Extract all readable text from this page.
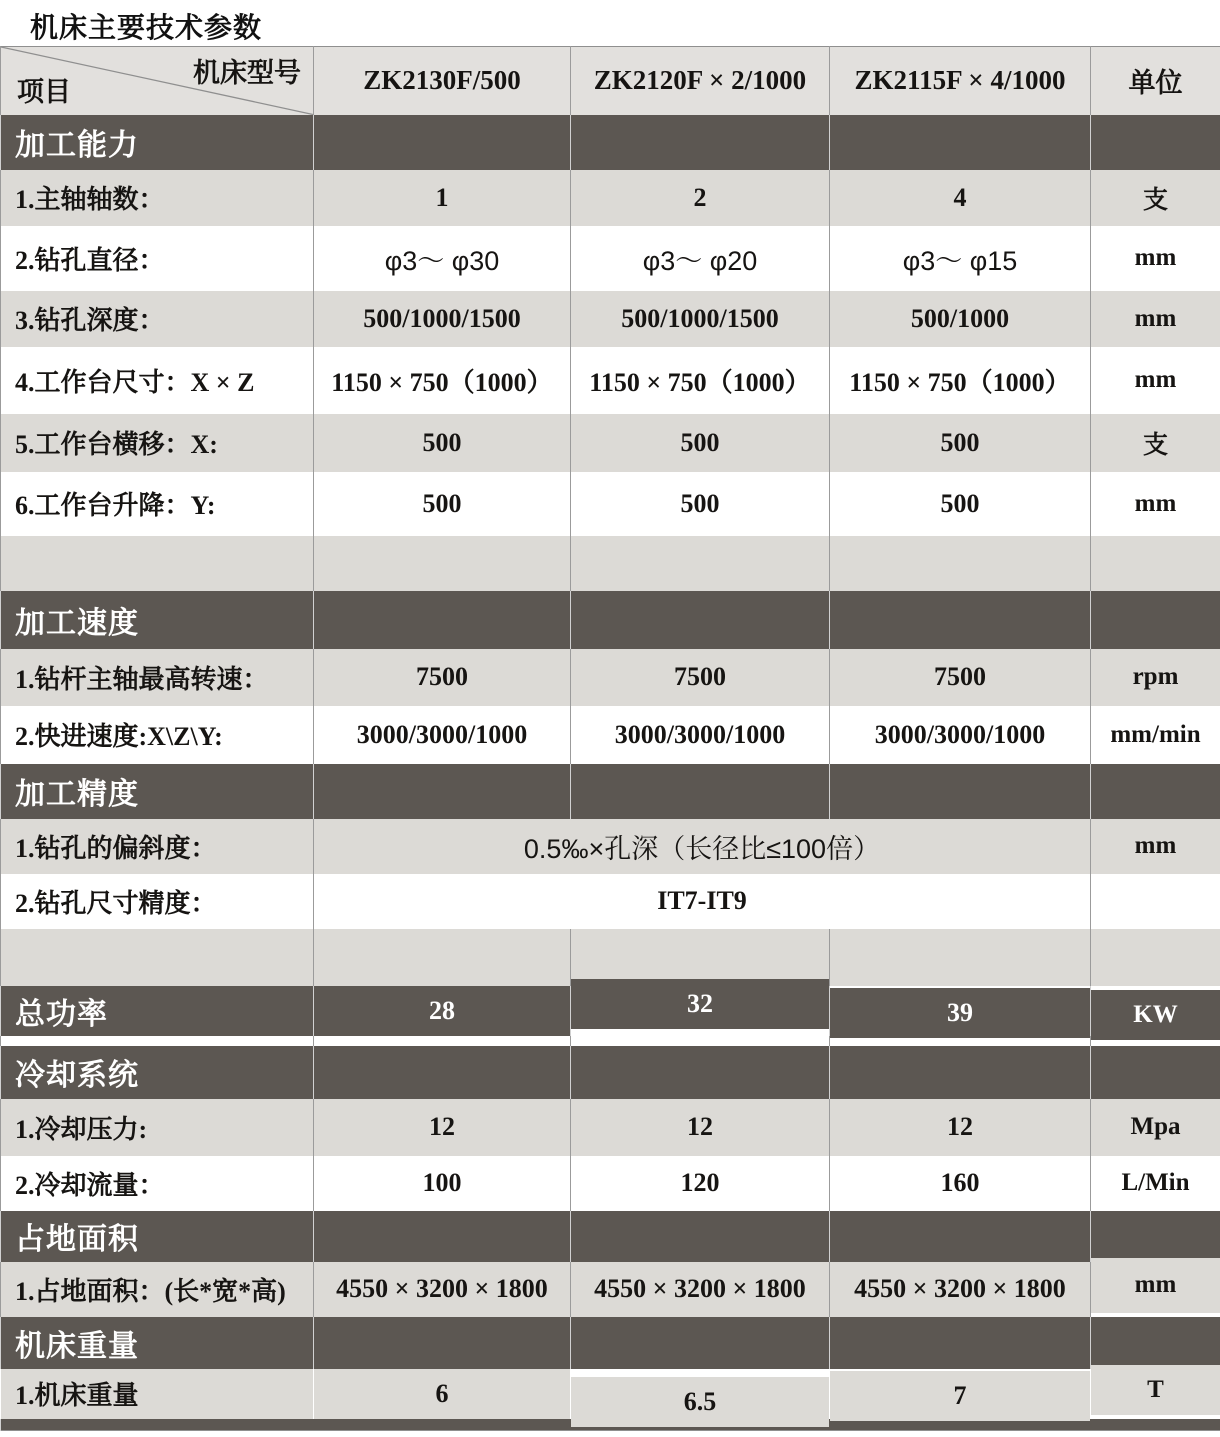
机床主要技术参数
机床型号
项目	ZK2130F/500	ZK2120F × 2/1000	ZK2115F × 4/1000	单位
加工能力				
1.主轴轴数：	1	2	4	支
2.钻孔直径：	φ3～ φ30	φ3～ φ20	φ3～ φ15	mm
3.钻孔深度：	500/1000/1500	500/1000/1500	500/1000	mm
4.工作台尺寸：X × Z	1150 × 750（1000）	1150 × 750（1000）	1150 × 750（1000）	mm
5.工作台横移：X:	500	500	500	支
6.工作台升降：Y:	500	500	500	mm

加工速度				
1.钻杆主轴最高转速：	7500	7500	7500	rpm
2.快进速度:X\Z\Y:	3000/3000/1000	3000/3000/1000	3000/3000/1000	mm/min
加工精度				
1.钻孔的偏斜度：	0.5‰×孔深（长径比≤100倍）			mm
2.钻孔尺寸精度：	IT7-IT9			

总功率	28	32	39	KW

冷却系统				
1.冷却压力:	12	12	12	Mpa
2.冷却流量：	100	120	160	L/Min
占地面积				
1.占地面积：(长*宽*高)	4550 × 3200 × 1800	4550 × 3200 × 1800	4550 × 3200 × 1800	mm
机床重量				
1.机床重量	6	6.5	7	T
